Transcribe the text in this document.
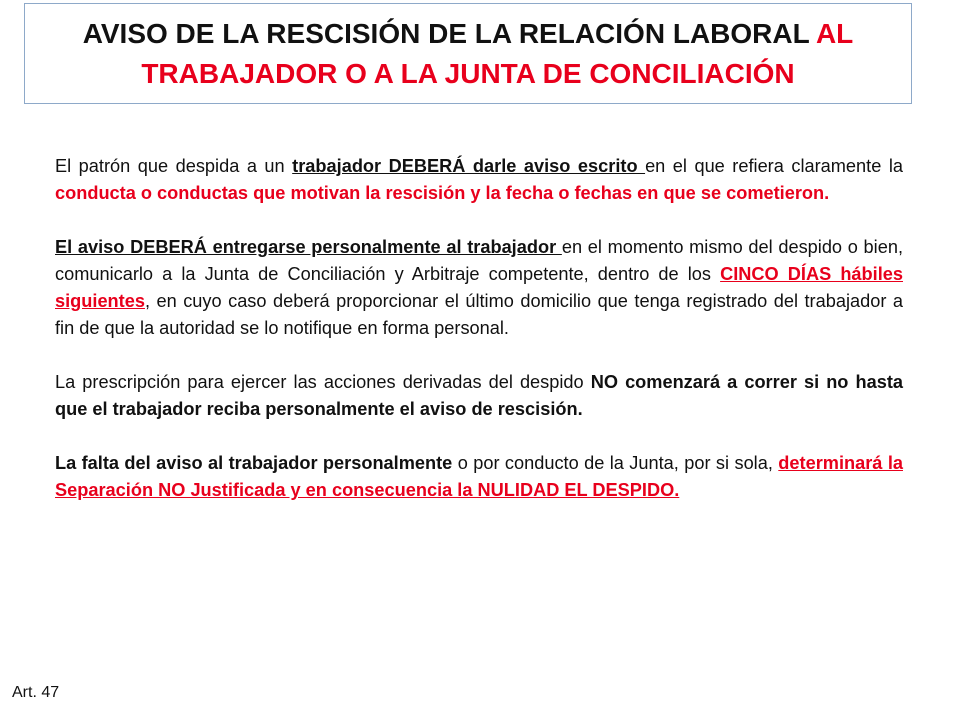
AVISO DE LA RESCISIÓN DE LA RELACIÓN LABORAL AL
TRABAJADOR O A LA JUNTA DE CONCILIACIÓN

El patrón que despida a un trabajador DEBERÁ darle aviso escrito en el que refiera claramente la conducta o conductas que motivan la rescisión y la fecha o fechas en que se cometieron.

El aviso DEBERÁ entregarse personalmente al trabajador en el momento mismo del despido o bien, comunicarlo a la Junta de Conciliación y Arbitraje competente, dentro de los CINCO DÍAS hábiles siguientes, en cuyo caso deberá proporcionar el último domicilio que tenga registrado del trabajador a fin de que la autoridad se lo notifique en forma personal.

La prescripción para ejercer las acciones derivadas del despido NO comenzará a correr si no hasta que el trabajador reciba personalmente el aviso de rescisión.

La falta del aviso al trabajador personalmente o por conducto de la Junta, por si sola, determinará la Separación NO Justificada y en consecuencia la NULIDAD EL DESPIDO.

Art. 47
